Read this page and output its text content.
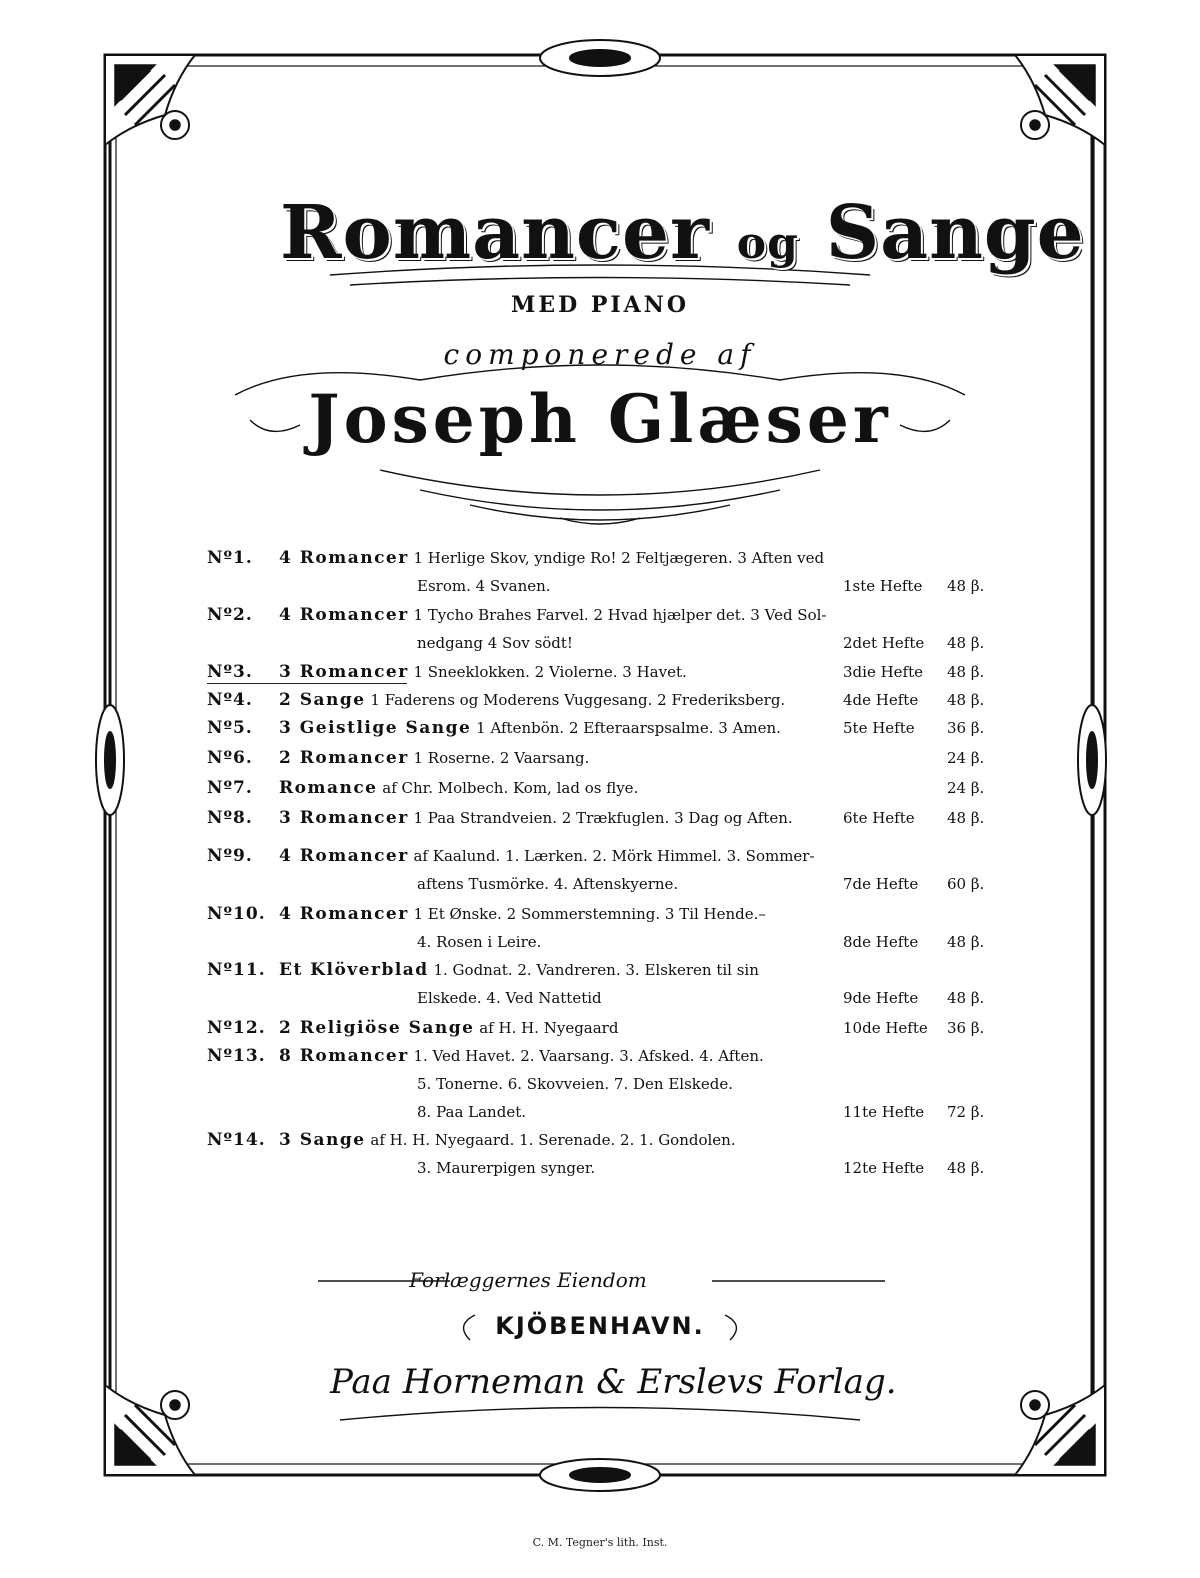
Romancer og Sange
MED PIANO
componerede af
Joseph Glæser
Nº1. 4 Romancer 1 Herlige Skov, yndige Ro! 2 Feltjægeren. 3 Aften ved
Esrom. 4 Svanen.	1ste Hefte 48 β.
Nº2. 4 Romancer 1 Tycho Brahes Farvel. 2 Hvad hjælper det. 3 Ved Sol-
nedgang 4 Sov södt!	2det Hefte 48 β.
Nº3. 3 Romancer 1 Sneeklokken. 2 Violerne. 3 Havet.	3die Hefte 48 β.
Nº4. 2 Sange 1 Faderens og Moderens Vuggesang. 2 Frederiksberg.	4de Hefte 48 β.
Nº5. 3 Geistlige Sange 1 Aftenbön. 2 Efteraarspsalme. 3 Amen.	5te Hefte 36 β.
Nº6. 2 Romancer 1 Roserne. 2 Vaarsang.	24 β.
Nº7. Romance af Chr. Molbech. Kom, lad os flye.	24 β.
Nº8. 3 Romancer 1 Paa Strandveien. 2 Trækfuglen. 3 Dag og Aften.	6te Hefte 48 β.
Nº9. 4 Romancer af Kaalund. 1. Lærken. 2. Mörk Himmel. 3. Sommer-
aftens Tusmörke. 4. Aftenskyerne.	7de Hefte 60 β.
Nº10. 4 Romancer 1 Et Ønske. 2 Sommerstemning. 3 Til Hende.–
4. Rosen i Leire.	8de Hefte 48 β.
Nº11. Et Klöverblad 1. Godnat. 2. Vandreren. 3. Elskeren til sin
Elskede. 4. Ved Nattetid	9de Hefte 48 β.
Nº12. 2 Religiöse Sange af H. H. Nyegaard	10de Hefte 36 β.
Nº13. 8 Romancer 1. Ved Havet. 2. Vaarsang. 3. Afsked. 4. Aften.
5. Tonerne. 6. Skovveien. 7. Den Elskede.
8. Paa Landet.	11te Hefte 72 β.
Nº14. 3 Sange af H. H. Nyegaard. 1. Serenade. 2. 1. Gondolen.
3. Maurerpigen synger.	12te Hefte 48 β.
Forlæggernes Eiendom
KJÖBENHAVN.
Paa Horneman & Erslevs Forlag.
C. M. Tegner's lith. Inst.
